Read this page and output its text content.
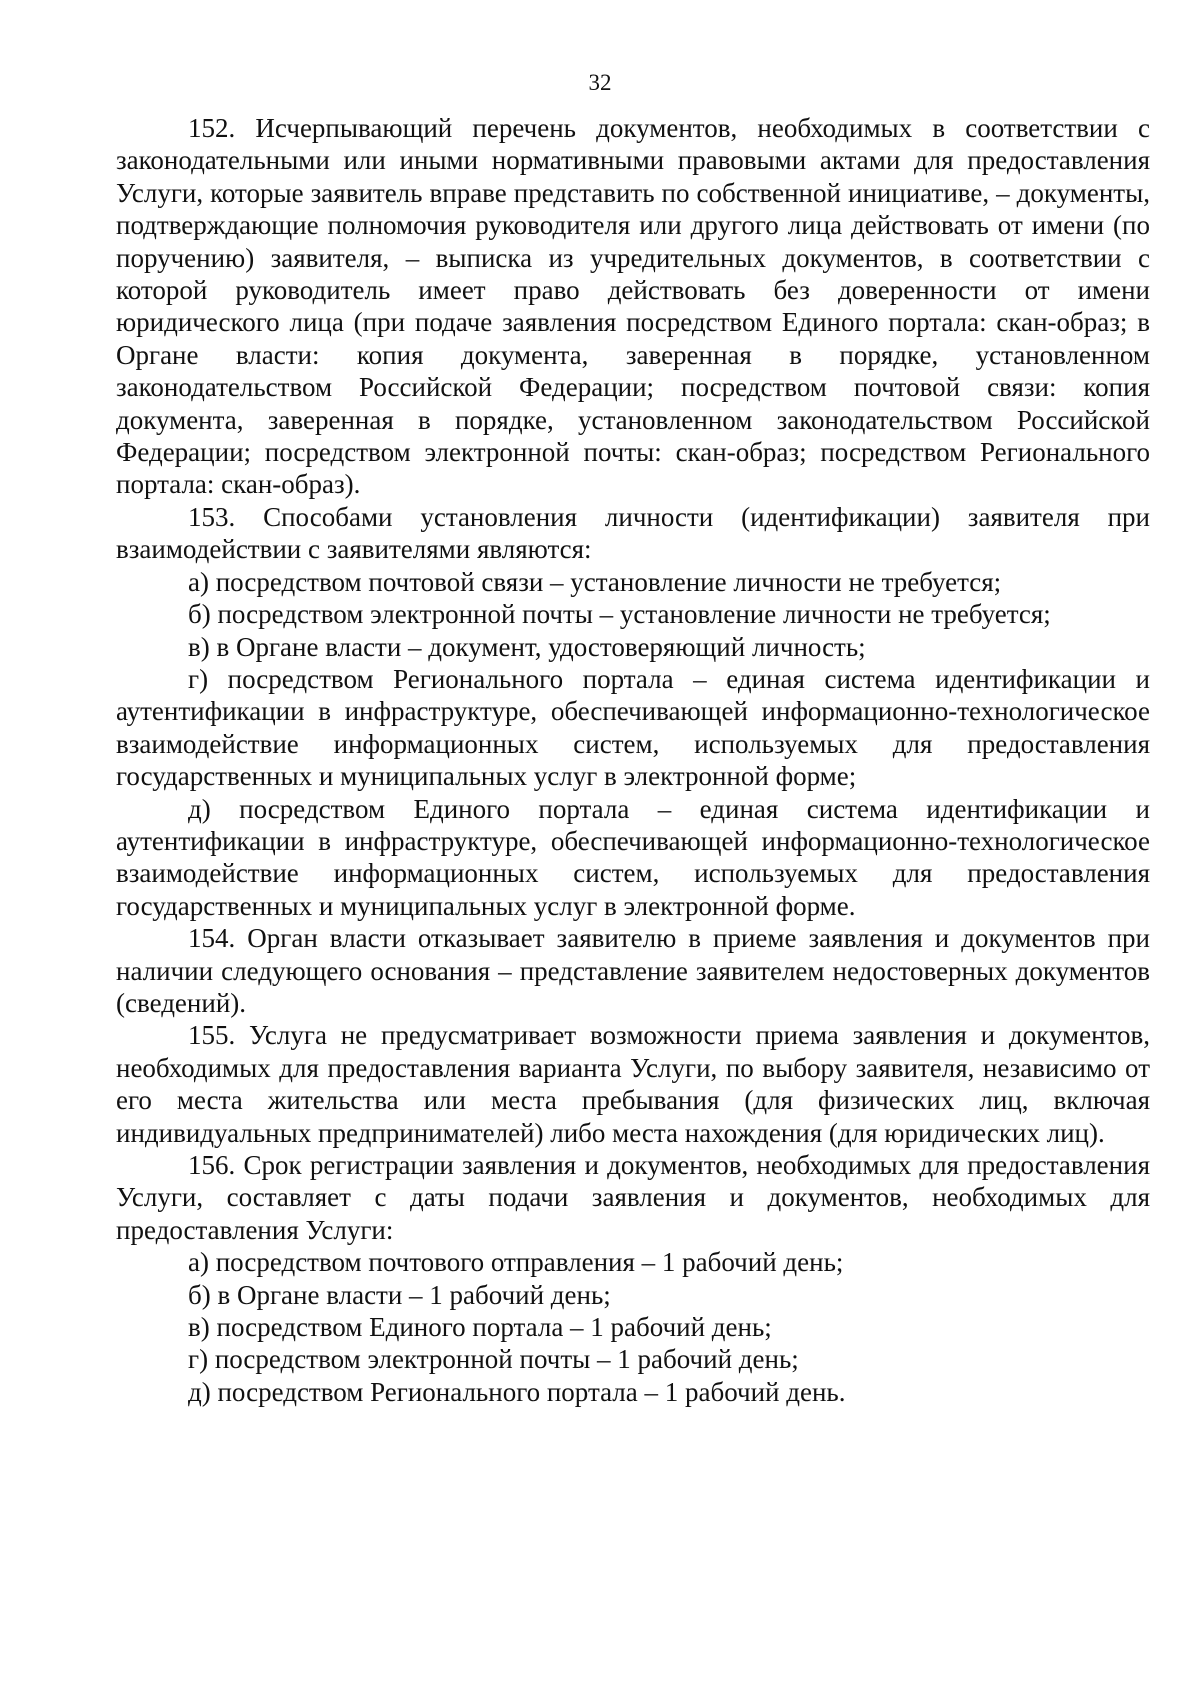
32

152. Исчерпывающий перечень документов, необходимых в соответствии с законодательными или иными нормативными правовыми актами для предоставления Услуги, которые заявитель вправе представить по собственной инициативе, – документы, подтверждающие полномочия руководителя или другого лица действовать от имени (по поручению) заявителя, – выписка из учредительных документов, в соответствии с которой руководитель имеет право действовать без доверенности от имени юридического лица (при подаче заявления посредством Единого портала: скан-образ; в Органе власти: копия документа, заверенная в порядке, установленном законодательством Российской Федерации; посредством почтовой связи: копия документа, заверенная в порядке, установленном законодательством Российской Федерации; посредством электронной почты: скан-образ; посредством Регионального портала: скан-образ).

153. Способами установления личности (идентификации) заявителя при взаимодействии с заявителями являются:

а) посредством почтовой связи – установление личности не требуется;

б) посредством электронной почты – установление личности не требуется;

в) в Органе власти – документ, удостоверяющий личность;

г) посредством Регионального портала – единая система идентификации и аутентификации в инфраструктуре, обеспечивающей информационно-технологическое взаимодействие информационных систем, используемых для предоставления государственных и муниципальных услуг в электронной форме;

д) посредством Единого портала – единая система идентификации и аутентификации в инфраструктуре, обеспечивающей информационно-технологическое взаимодействие информационных систем, используемых для предоставления государственных и муниципальных услуг в электронной форме.

154. Орган власти отказывает заявителю в приеме заявления и документов при наличии следующего основания – представление заявителем недостоверных документов (сведений).

155. Услуга не предусматривает возможности приема заявления и документов, необходимых для предоставления варианта Услуги, по выбору заявителя, независимо от его места жительства или места пребывания (для физических лиц, включая индивидуальных предпринимателей) либо места нахождения (для юридических лиц).

156. Срок регистрации заявления и документов, необходимых для предоставления Услуги, составляет с даты подачи заявления и документов, необходимых для предоставления Услуги:

а) посредством почтового отправления – 1 рабочий день;

б) в Органе власти – 1 рабочий день;

в) посредством Единого портала – 1 рабочий день;

г) посредством электронной почты – 1 рабочий день;

д) посредством Регионального портала – 1 рабочий день.
